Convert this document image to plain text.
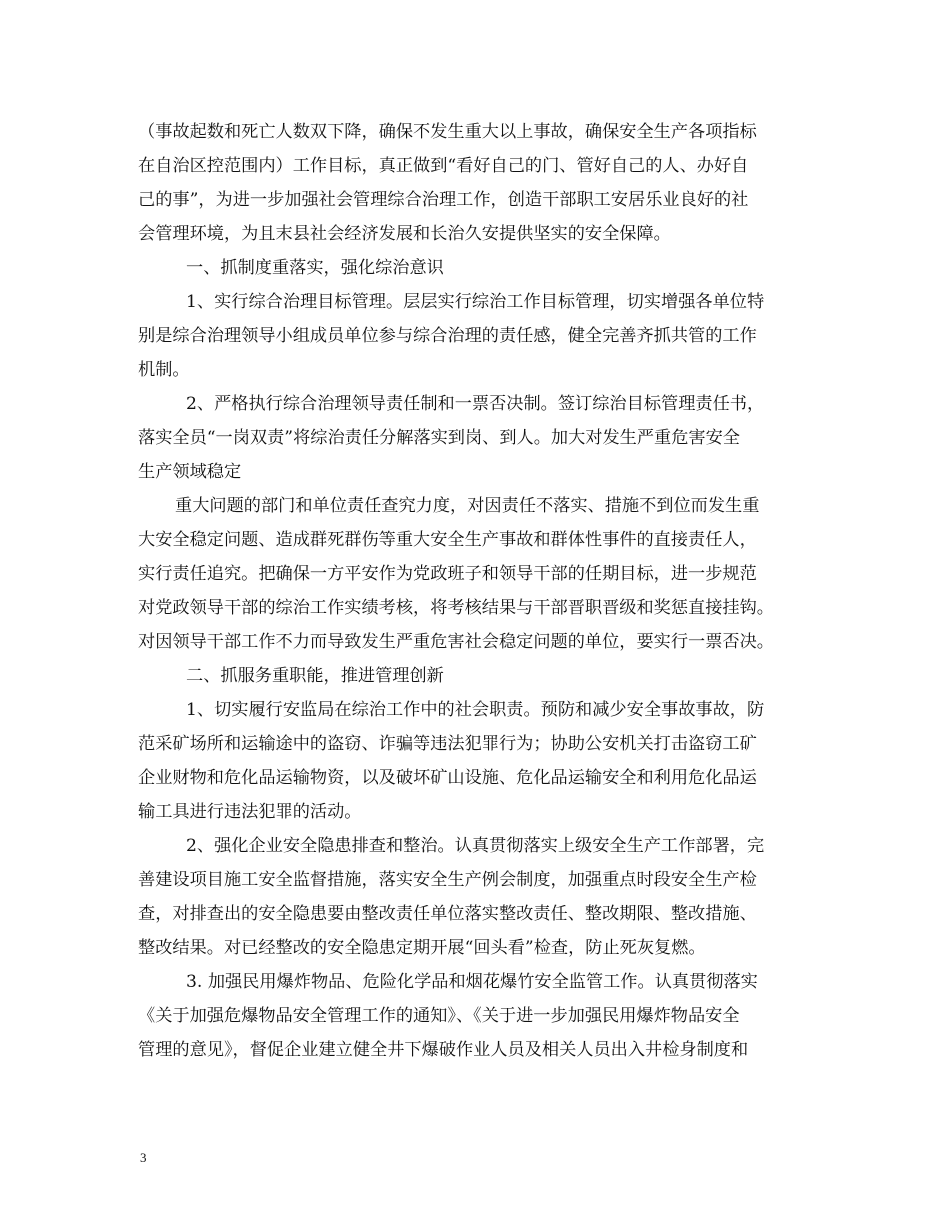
（事故起数和死亡人数双下降，确保不发生重大以上事故，确保安全生产各项指标
在自治区控范围内）工作目标，真正做到“看好自己的门、管好自己的人、办好自
己的事”，为进一步加强社会管理综合治理工作，创造干部职工安居乐业良好的社
会管理环境，为且末县社会经济发展和长治久安提供坚实的安全保障。
一、抓制度重落实，强化综治意识
1、实行综合治理目标管理。层层实行综治工作目标管理，切实增强各单位特
别是综合治理领导小组成员单位参与综合治理的责任感，健全完善齐抓共管的工作
机制。
2、严格执行综合治理领导责任制和一票否决制。签订综治目标管理责任书，
落实全员“一岗双责”将综治责任分解落实到岗、到人。加大对发生严重危害安全
生产领域稳定
重大问题的部门和单位责任查究力度，对因责任不落实、措施不到位而发生重
大安全稳定问题、造成群死群伤等重大安全生产事故和群体性事件的直接责任人，
实行责任追究。把确保一方平安作为党政班子和领导干部的任期目标，进一步规范
对党政领导干部的综治工作实绩考核，将考核结果与干部晋职晋级和奖惩直接挂钩。
对因领导干部工作不力而导致发生严重危害社会稳定问题的单位，要实行一票否决。
二、抓服务重职能，推进管理创新
1、切实履行安监局在综治工作中的社会职责。预防和减少安全事故事故，防
范采矿场所和运输途中的盗窃、诈骗等违法犯罪行为；协助公安机关打击盗窃工矿
企业财物和危化品运输物资，以及破坏矿山设施、危化品运输安全和利用危化品运
输工具进行违法犯罪的活动。
2、强化企业安全隐患排查和整治。认真贯彻落实上级安全生产工作部署，完
善建设项目施工安全监督措施，落实安全生产例会制度，加强重点时段安全生产检
查，对排查出的安全隐患要由整改责任单位落实整改责任、整改期限、整改措施、
整改结果。对已经整改的安全隐患定期开展“回头看”检查，防止死灰复燃。
3. 加强民用爆炸物品、危险化学品和烟花爆竹安全监管工作。认真贯彻落实
《关于加强危爆物品安全管理工作的通知》、《关于进一步加强民用爆炸物品安全
管理的意见》，督促企业建立健全井下爆破作业人员及相关人员出入井检身制度和
3
